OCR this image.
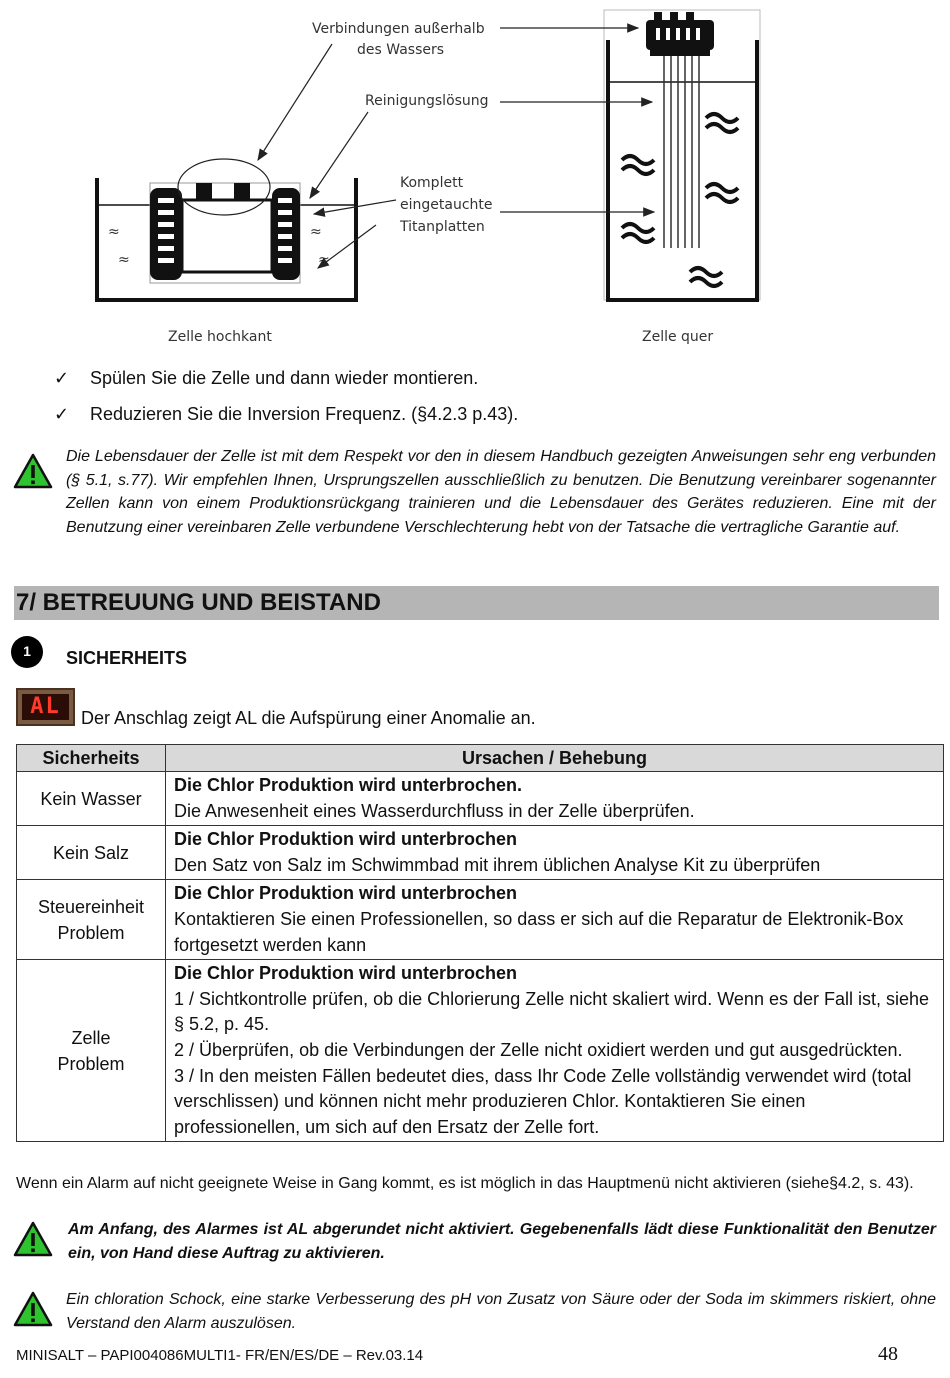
≈
≈
≈
≈
Verbindungen außerhalb
des Wassers
Reinigungslösung
Komplett
eingetauchte
Titanplatten
Zelle hochkant	Zelle quer
✓	Spülen Sie die Zelle und dann wieder montieren.
✓	Reduzieren Sie die Inversion Frequenz. (§4.2.3 p.43).
Die Lebensdauer der Zelle ist mit dem Respekt vor den in diesem Handbuch gezeigten Anweisungen sehr eng verbunden (§ 5.1, s.77). Wir empfehlen Ihnen, Ursprungszellen ausschließlich zu benutzen. Die Benutzung vereinbarer sogenannter Zellen kann von einem Produktionsrückgang trainieren und die Lebensdauer des Gerätes reduzieren. Eine mit der Benutzung einer vereinbaren Zelle verbundene Verschlechterung hebt von der Tatsache die vertragliche Garantie auf.
7/ BETREUUNG UND BEISTAND
1	SICHERHEITS
AL	Der Anschlag zeigt AL die Aufspürung einer Anomalie an.
Sicherheits	Ursachen / Behebung
Kein Wasser	Die Chlor Produktion wird unterbrochen.
Die Anwesenheit eines Wasserdurchfluss in der Zelle überprüfen.

Kein Salz	Die Chlor Produktion wird unterbrochen
Den Satz von Salz im Schwimmbad mit ihrem üblichen Analyse Kit zu überprüfen

Steuereinheit Problem	Die Chlor Produktion wird unterbrochen
Kontaktieren Sie einen Professionellen, so dass er sich auf die Reparatur de Elektronik-Box fortgesetzt werden kann

Zelle Problem	Die Chlor Produktion wird unterbrochen
1 / Sichtkontrolle prüfen, ob die Chlorierung Zelle nicht skaliert wird. Wenn es der Fall ist, siehe § 5.2, p. 45.
2 / Überprüfen, ob die Verbindungen der Zelle nicht oxidiert werden und gut ausgedrückten.
3 / In den meisten Fällen bedeutet dies, dass Ihr Code Zelle vollständig verwendet wird (total verschlissen) und können nicht mehr produzieren Chlor. Kontaktieren Sie einen professionellen, um sich auf den Ersatz der Zelle fort.
Wenn ein Alarm auf nicht geeignete Weise in Gang kommt, es ist möglich in das Hauptmenü nicht aktivieren (siehe§4.2, s. 43).
Am Anfang, des Alarmes ist AL abgerundet nicht aktiviert. Gegebenenfalls lädt diese Funktionalität den Benutzer ein, von Hand diese Auftrag zu aktivieren.
Ein chloration Schock, eine starke Verbesserung des pH von Zusatz von Säure oder der Soda im skimmers riskiert, ohne Verstand den Alarm auszulösen.
MINISALT – PAPI004086MULTI1- FR/EN/ES/DE – Rev.03.14	48
